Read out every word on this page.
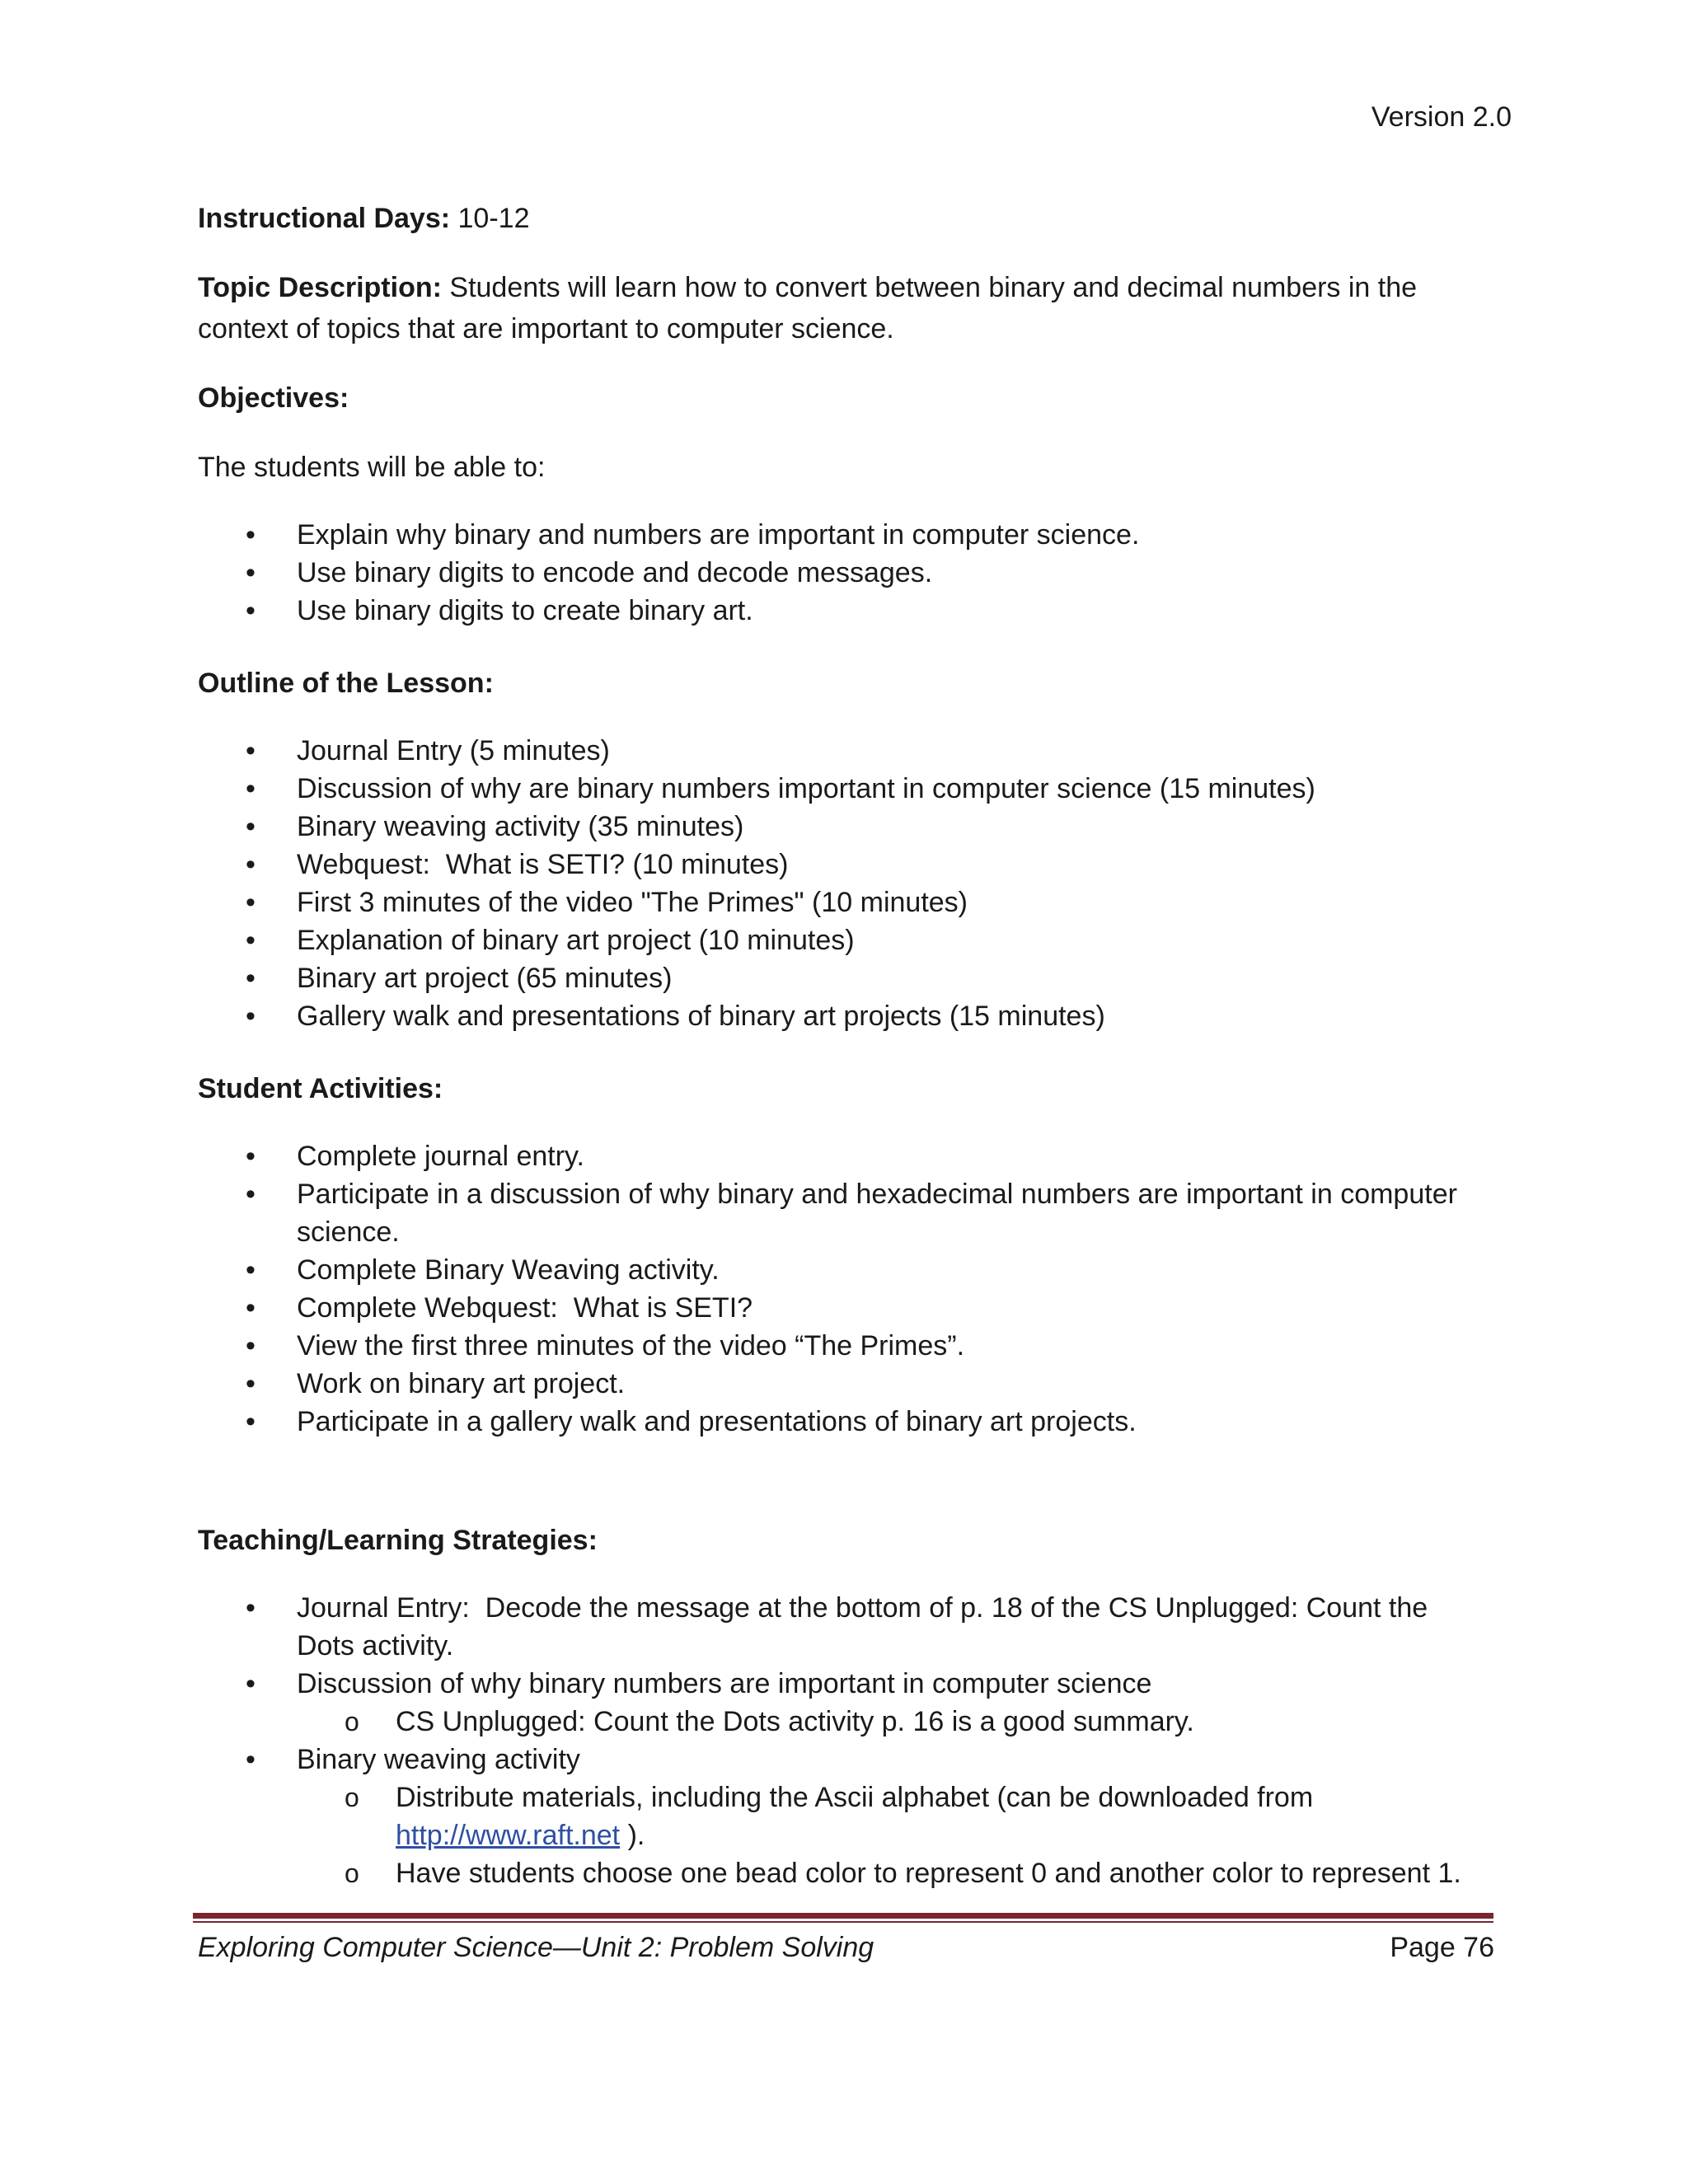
Version 2.0

Instructional Days: 10-12

Topic Description: Students will learn how to convert between binary and decimal numbers in the context of topics that are important to computer science.

Objectives:

The students will be able to:

• Explain why binary and numbers are important in computer science.
• Use binary digits to encode and decode messages.
• Use binary digits to create binary art.

Outline of the Lesson:

• Journal Entry (5 minutes)
• Discussion of why are binary numbers important in computer science (15 minutes)
• Binary weaving activity (35 minutes)
• Webquest:  What is SETI? (10 minutes)
• First 3 minutes of the video "The Primes" (10 minutes)
• Explanation of binary art project (10 minutes)
• Binary art project (65 minutes)
• Gallery walk and presentations of binary art projects (15 minutes)

Student Activities:

• Complete journal entry.
• Participate in a discussion of why binary and hexadecimal numbers are important in computer science.
• Complete Binary Weaving activity.
• Complete Webquest:  What is SETI?
• View the first three minutes of the video “The Primes”.
• Work on binary art project.
• Participate in a gallery walk and presentations of binary art projects.

Teaching/Learning Strategies:

• Journal Entry:  Decode the message at the bottom of p. 18 of the CS Unplugged: Count the Dots activity.
• Discussion of why binary numbers are important in computer science
o CS Unplugged: Count the Dots activity p. 16 is a good summary.
• Binary weaving activity
o Distribute materials, including the Ascii alphabet (can be downloaded from http://www.raft.net ).
o Have students choose one bead color to represent 0 and another color to represent 1.
Exploring Computer Science—Unit 2: Problem Solving	Page 76
